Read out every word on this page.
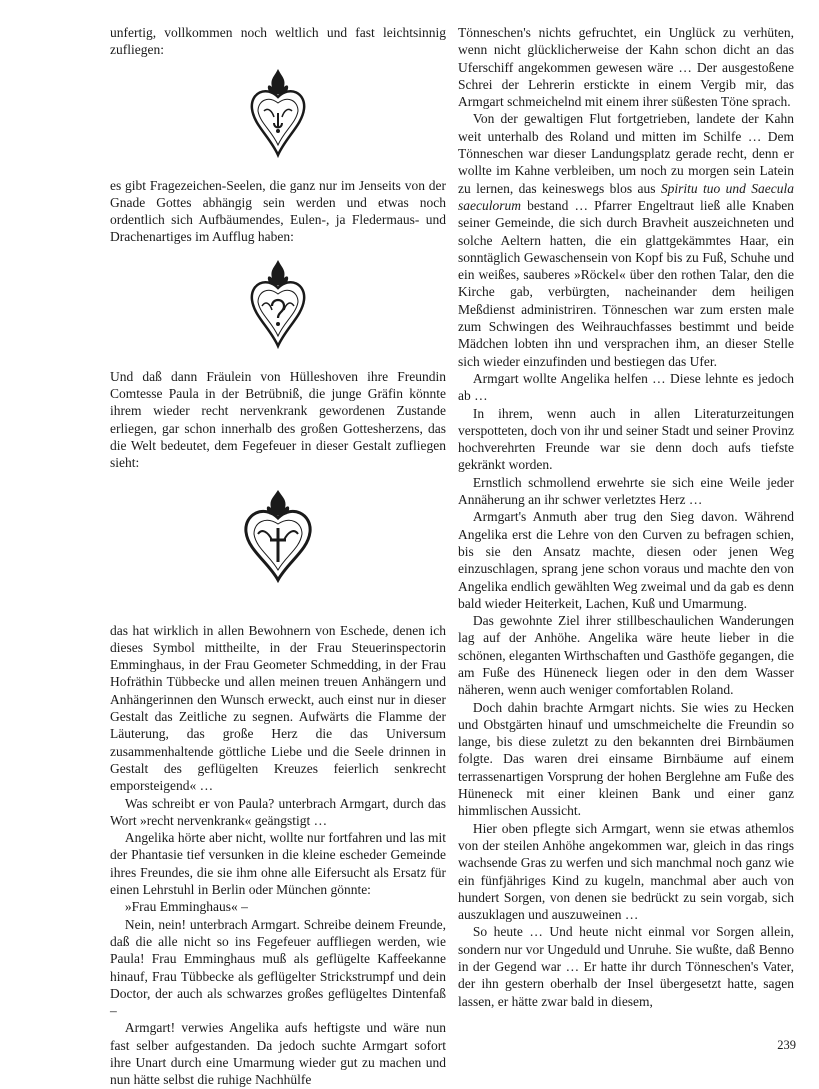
unfertig, vollkommen noch weltlich und fast leichtsinnig zufliegen:

es gibt Fragezeichen-Seelen, die ganz nur im Jenseits von der Gnade Gottes abhängig sein werden und etwas noch ordentlich sich Aufbäumendes, Eulen-, ja Fledermaus- und Drachenartiges im Aufflug haben:

Und daß dann Fräulein von Hülleshoven ihre Freundin Comtesse Paula in der Betrübniß, die junge Gräfin könnte ihrem wieder recht nervenkrank gewordenen Zustande erliegen, gar schon innerhalb des großen Gottesherzens, das die Welt bedeutet, dem Fegefeuer in dieser Gestalt zufliegen sieht:

das hat wirklich in allen Bewohnern von Eschede, denen ich dieses Symbol mittheilte, in der Frau Steuerinspectorin Emminghaus, in der Frau Geometer Schmedding, in der Frau Hofräthin Tübbecke und allen meinen treuen Anhängern und Anhängerinnen den Wunsch erweckt, auch einst nur in dieser Gestalt das Zeitliche zu segnen. Aufwärts die Flamme der Läuterung, das große Herz die das Universum zusammenhaltende göttliche Liebe und die Seele drinnen in Gestalt des geflügelten Kreuzes feierlich senkrecht emporsteigend« …

Was schreibt er von Paula? unterbrach Armgart, durch das Wort »recht nervenkrank« geängstigt …

Angelika hörte aber nicht, wollte nur fortfahren und las mit der Phantasie tief versunken in die kleine escheder Gemeinde ihres Freundes, die sie ihm ohne alle Eifersucht als Ersatz für einen Lehrstuhl in Berlin oder München gönnte:

»Frau Emminghaus« –

Nein, nein! unterbrach Armgart. Schreibe deinem Freunde, daß die alle nicht so ins Fegefeuer auffliegen werden, wie Paula! Frau Emminghaus muß als geflügelte Kaffeekanne hinauf, Frau Tübbecke als geflügelter Strickstrumpf und dein Doctor, der auch als schwarzes großes geflügeltes Dintenfaß –

Armgart! verwies Angelika aufs heftigste und wäre nun fast selber aufgestanden. Da jedoch suchte Armgart sofort ihre Unart durch eine Umarmung wieder gut zu machen und nun hätte selbst die ruhige Nachhülfe

Tönneschen's nichts gefruchtet, ein Unglück zu verhüten, wenn nicht glücklicherweise der Kahn schon dicht an das Uferschiff angekommen gewesen wäre … Der ausgestoßene Schrei der Lehrerin erstickte in einem Vergib mir, das Armgart schmeichelnd mit einem ihrer süßesten Töne sprach.

Von der gewaltigen Flut fortgetrieben, landete der Kahn weit unterhalb des Roland und mitten im Schilfe … Dem Tönneschen war dieser Landungsplatz gerade recht, denn er wollte im Kahne verbleiben, um noch zu morgen sein Latein zu lernen, das keineswegs blos aus Spiritu tuo und Saecula saeculorum bestand … Pfarrer Engeltraut ließ alle Knaben seiner Gemeinde, die sich durch Bravheit auszeichneten und solche Aeltern hatten, die ein glattgekämmtes Haar, ein sonntäglich Gewaschensein von Kopf bis zu Fuß, Schuhe und ein weißes, sauberes »Röckel« über den rothen Talar, den die Kirche gab, verbürgten, nacheinander dem heiligen Meßdienst administriren. Tönneschen war zum ersten male zum Schwingen des Weihrauchfasses bestimmt und beide Mädchen lobten ihn und versprachen ihm, an dieser Stelle sich wieder einzufinden und bestiegen das Ufer.

Armgart wollte Angelika helfen … Diese lehnte es jedoch ab …

In ihrem, wenn auch in allen Literaturzeitungen verspotteten, doch von ihr und seiner Stadt und seiner Provinz hochverehrten Freunde war sie denn doch aufs tiefste gekränkt worden.

Ernstlich schmollend erwehrte sie sich eine Weile jeder Annäherung an ihr schwer verletztes Herz …

Armgart's Anmuth aber trug den Sieg davon. Während Angelika erst die Lehre von den Curven zu befragen schien, bis sie den Ansatz machte, diesen oder jenen Weg einzuschlagen, sprang jene schon voraus und machte den von Angelika endlich gewählten Weg zweimal und da gab es denn bald wieder Heiterkeit, Lachen, Kuß und Umarmung.

Das gewohnte Ziel ihrer stillbeschaulichen Wanderungen lag auf der Anhöhe. Angelika wäre heute lieber in die schönen, eleganten Wirthschaften und Gasthöfe gegangen, die am Fuße des Hüneneck liegen oder in den dem Wasser näheren, wenn auch weniger comfortablen Roland.

Doch dahin brachte Armgart nichts. Sie wies zu Hecken und Obstgärten hinauf und umschmeichelte die Freundin so lange, bis diese zuletzt zu den bekannten drei Birnbäumen folgte. Das waren drei einsame Birnbäume auf einem terrassenartigen Vorsprung der hohen Berglehne am Fuße des Hüneneck mit einer kleinen Bank und einer ganz himmlischen Aussicht.

Hier oben pflegte sich Armgart, wenn sie etwas athemlos von der steilen Anhöhe angekommen war, gleich in das rings wachsende Gras zu werfen und sich manchmal noch ganz wie ein fünfjähriges Kind zu kugeln, manchmal aber auch von hundert Sorgen, von denen sie bedrückt zu sein vorgab, sich auszuklagen und auszuweinen …

So heute … Und heute nicht einmal vor Sorgen allein, sondern nur vor Ungeduld und Unruhe. Sie wußte, daß Benno in der Gegend war … Er hatte ihr durch Tönneschen's Vater, der ihn gestern oberhalb der Insel übergesetzt hatte, sagen lassen, er hätte zwar bald in diesem,

239
